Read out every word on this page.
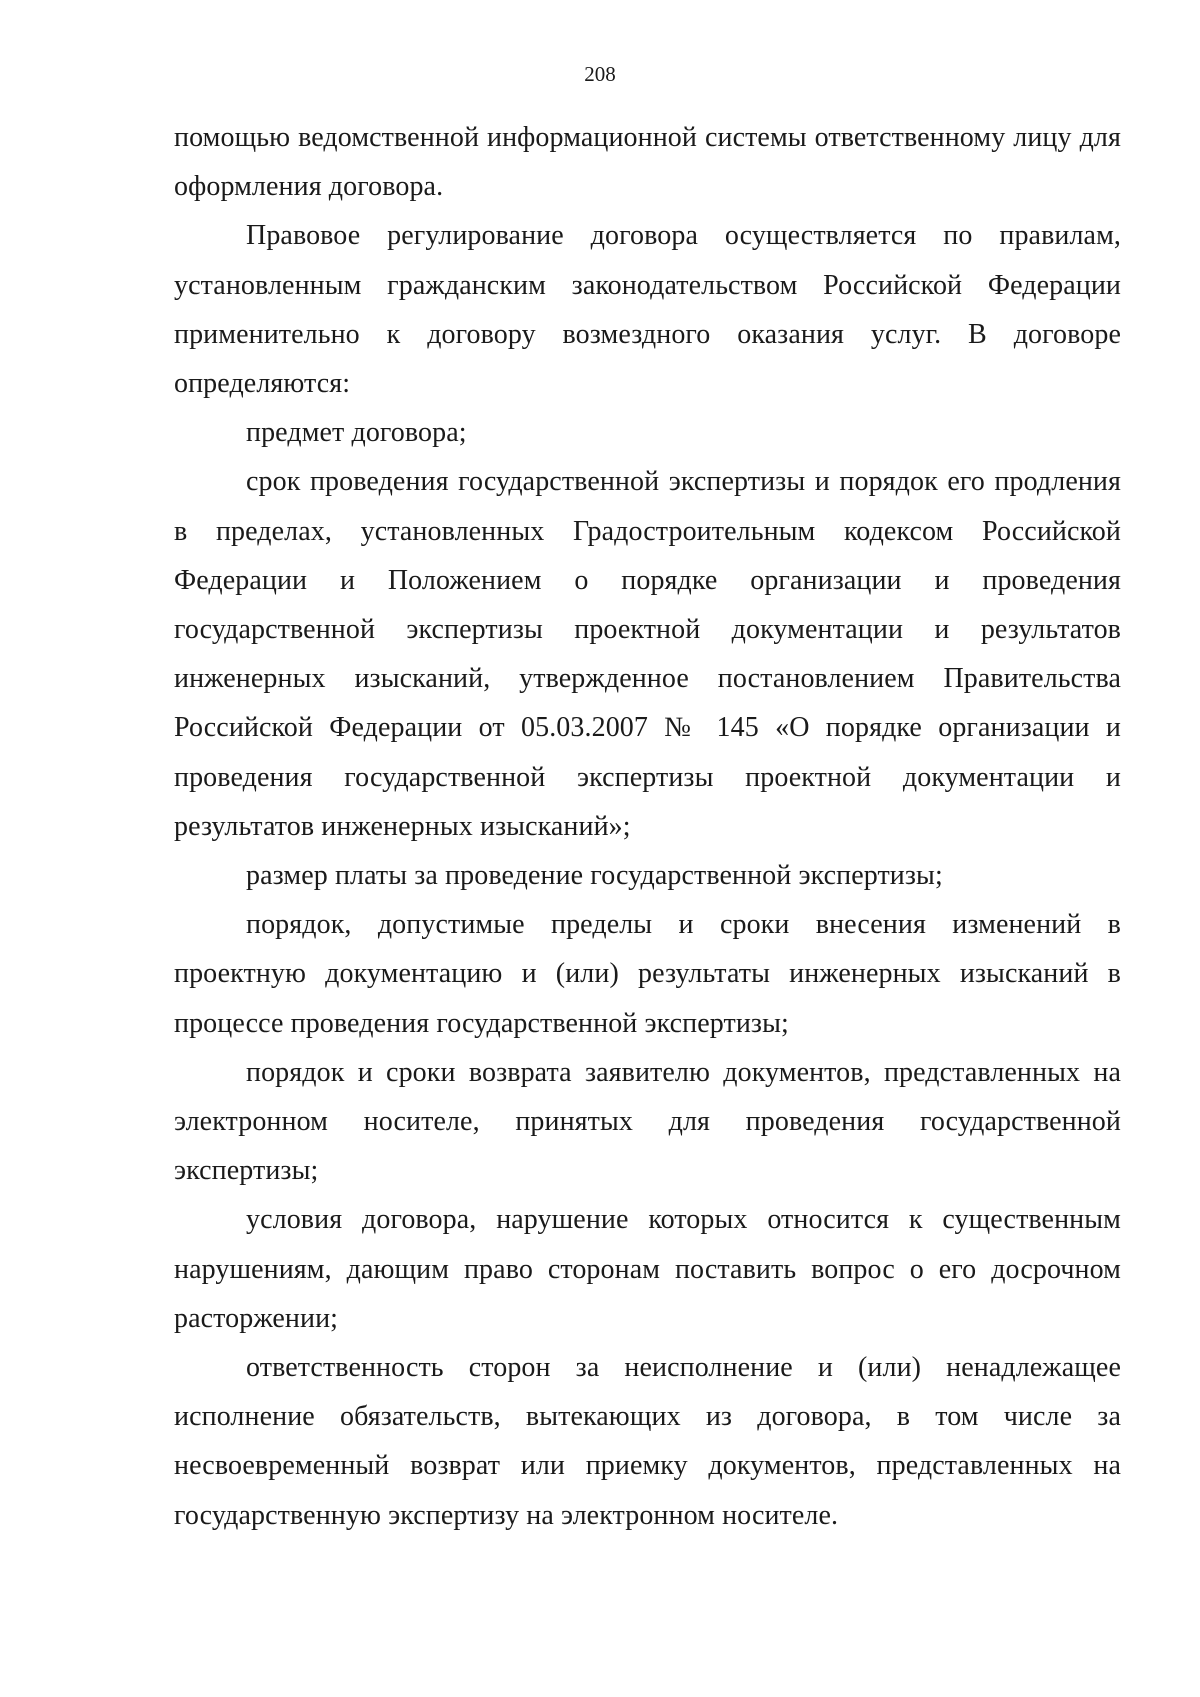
208

помощью ведомственной информационной системы ответственному лицу для оформления договора.

Правовое регулирование договора осуществляется по правилам, установленным гражданским законодательством Российской Федерации применительно к договору возмездного оказания услуг. В договоре определяются:

предмет договора;

срок проведения государственной экспертизы и порядок его продления в пределах, установленных Градостроительным кодексом Российской Федерации и Положением о порядке организации и проведения государственной экспертизы проектной документации и результатов инженерных изысканий, утвержденное постановлением Правительства Российской Федерации от 05.03.2007 № 145 «О порядке организации и проведения государственной экспертизы проектной документации и результатов инженерных изысканий»;

размер платы за проведение государственной экспертизы;

порядок, допустимые пределы и сроки внесения изменений в проектную документацию и (или) результаты инженерных изысканий в процессе проведения государственной экспертизы;

порядок и сроки возврата заявителю документов, представленных на электронном носителе, принятых для проведения государственной экспертизы;

условия договора, нарушение которых относится к существенным нарушениям, дающим право сторонам поставить вопрос о его досрочном расторжении;

ответственность сторон за неисполнение и (или) ненадлежащее исполнение обязательств, вытекающих из договора, в том числе за несвоевременный возврат или приемку документов, представленных на государственную экспертизу на электронном носителе.
